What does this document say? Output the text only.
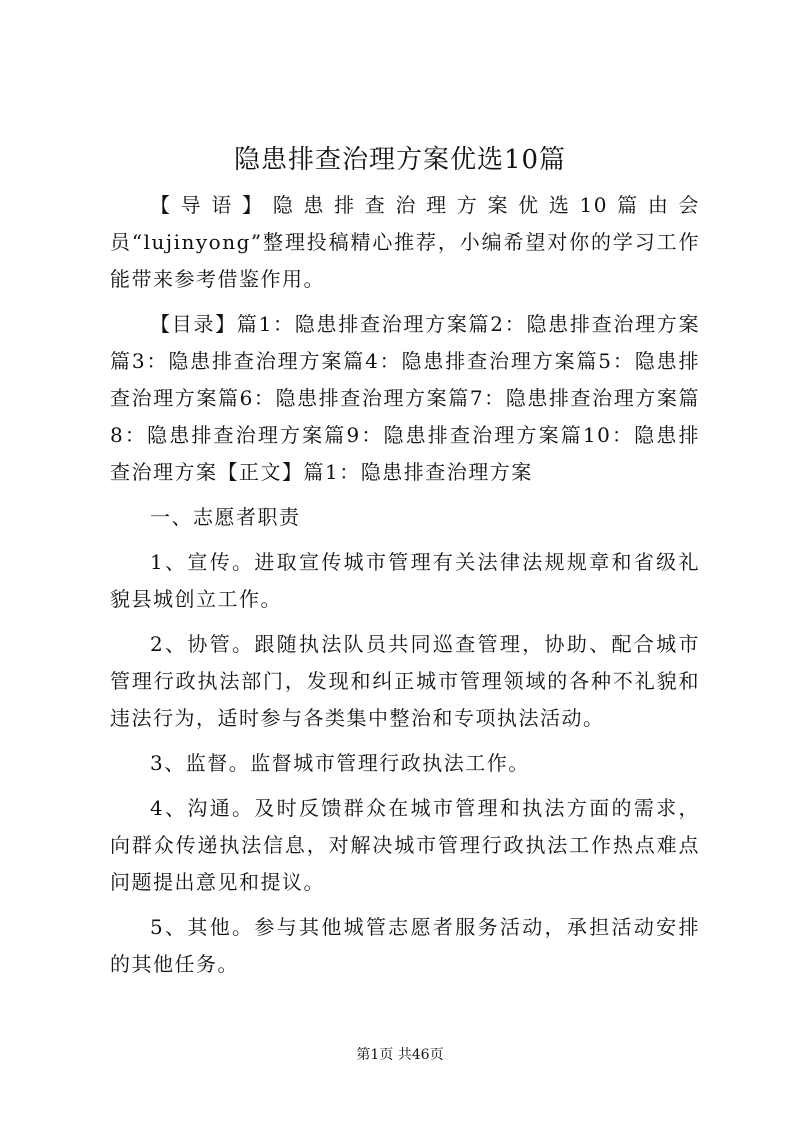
隐患排查治理方案优选10篇

【导语】隐患排查治理方案优选10篇由会员“lujinyong”整理投稿精心推荐，小编希望对你的学习工作能带来参考借鉴作用。

【目录】篇1：隐患排查治理方案篇2：隐患排查治理方案篇3：隐患排查治理方案篇4：隐患排查治理方案篇5：隐患排查治理方案篇6：隐患排查治理方案篇7：隐患排查治理方案篇8：隐患排查治理方案篇9：隐患排查治理方案篇10：隐患排查治理方案【正文】篇1：隐患排查治理方案

一、志愿者职责

1、宣传。进取宣传城市管理有关法律法规规章和省级礼貌县城创立工作。

2、协管。跟随执法队员共同巡查管理，协助、配合城市管理行政执法部门，发现和纠正城市管理领域的各种不礼貌和违法行为，适时参与各类集中整治和专项执法活动。

3、监督。监督城市管理行政执法工作。

4、沟通。及时反馈群众在城市管理和执法方面的需求，向群众传递执法信息，对解决城市管理行政执法工作热点难点问题提出意见和提议。

5、其他。参与其他城管志愿者服务活动，承担活动安排的其他任务。

第1页 共46页
